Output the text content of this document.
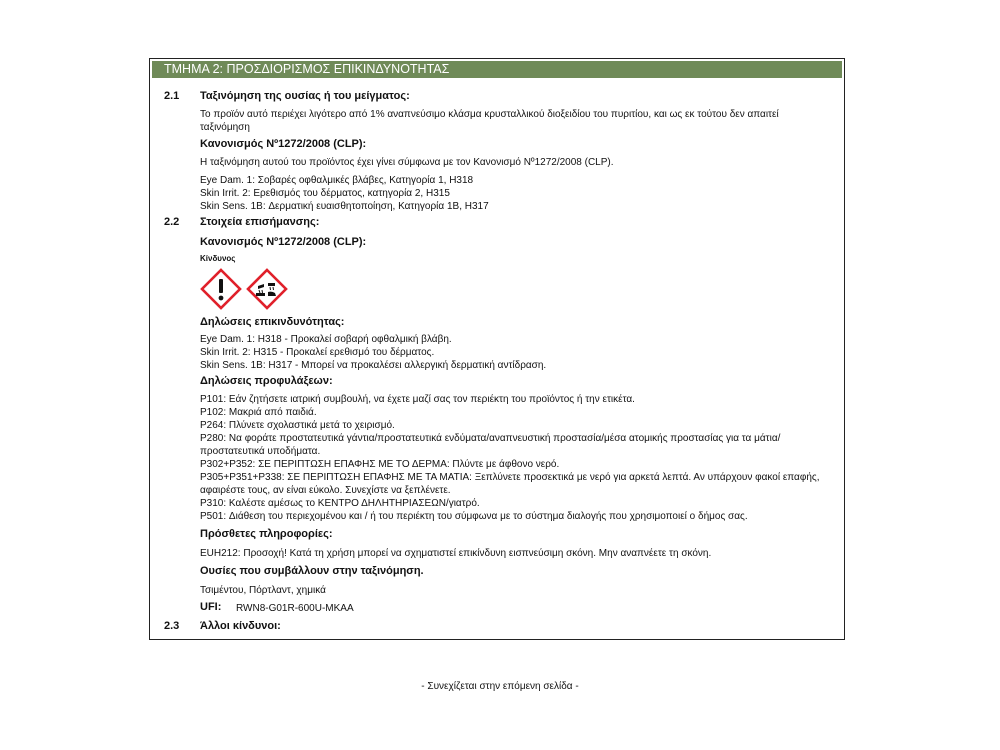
ΤΜΗΜΑ 2: ΠΡΟΣΔΙΟΡΙΣΜΟΣ ΕΠΙΚΙΝΔΥΝΟΤΗΤΑΣ
2.1 Ταξινόμηση της ουσίας ή του μείγματος:
Το προϊόν αυτό περιέχει λιγότερο από 1% αναπνεύσιμο κλάσμα κρυσταλλικού διοξειδίου του πυριτίου, και ως εκ τούτου δεν απαιτεί ταξινόμηση
Κανονισμός Νº1272/2008 (CLP):
Η ταξινόμηση αυτού του προϊόντος έχει γίνει σύμφωνα με τον Κανονισμό Νº1272/2008 (CLP).
Eye Dam. 1: Σοβαρές οφθαλμικές βλάβες, Κατηγορία 1, H318
Skin Irrit. 2: Ερεθισμός του δέρματος, κατηγορία 2, H315
Skin Sens. 1B: Δερματική ευαισθητοποίηση, Κατηγορία 1B, H317
2.2 Στοιχεία επισήμανσης:
Κανονισμός Νº1272/2008 (CLP):
Κίνδυνος
Δηλώσεις επικινδυνότητας:
Eye Dam. 1: H318 - Προκαλεί σοβαρή οφθαλμική βλάβη.
Skin Irrit. 2: H315 - Προκαλεί ερεθισμό του δέρματος.
Skin Sens. 1B: H317 - Μπορεί να προκαλέσει αλλεργική δερματική αντίδραση.
Δηλώσεις προφυλάξεων:
P101: Εάν ζητήσετε ιατρική συμβουλή, να έχετε μαζί σας τον περιέκτη του προϊόντος ή την ετικέτα.
P102: Μακριά από παιδιά.
P264: Πλύνετε σχολαστικά μετά το χειρισμό.
P280: Να φοράτε προστατευτικά γάντια/προστατευτικά ενδύματα/αναπνευστική προστασία/μέσα ατομικής προστασίας για τα μάτια/προστατευτικά υποδήματα.
P302+P352: ΣΕ ΠΕΡΙΠΤΩΣΗ ΕΠΑΦΗΣ ΜΕ ΤΟ ΔΕΡΜΑ: Πλύντε με άφθονο νερό.
P305+P351+P338: ΣΕ ΠΕΡΙΠΤΩΣΗ ΕΠΑΦΗΣ ΜΕ ΤΑ ΜΑΤΙΑ: Ξεπλύνετε προσεκτικά με νερό για αρκετά λεπτά. Αν υπάρχουν φακοί επαφής, αφαιρέστε τους, αν είναι εύκολο. Συνεχίστε να ξεπλένετε.
P310: Καλέστε αμέσως το ΚΕΝΤΡΟ ΔΗΛΗΤΗΡΙΑΣΕΩΝ/γιατρό.
P501: Διάθεση του περιεχομένου και / ή του περιέκτη του σύμφωνα με το σύστημα διαλογής που χρησιμοποιεί ο δήμος σας.
Πρόσθετες πληροφορίες:
EUH212: Προσοχή! Κατά τη χρήση μπορεί να σχηματιστεί επικίνδυνη εισπνεύσιμη σκόνη. Μην αναπνέετε τη σκόνη.
Ουσίες που συμβάλλουν στην ταξινόμηση.
Τσιμέντου, Πόρτλαντ, χημικά
UFI: RWN8-G01R-600U-MKAA
2.3 Άλλοι κίνδυνοι:
- Συνεχίζεται στην επόμενη σελίδα -
